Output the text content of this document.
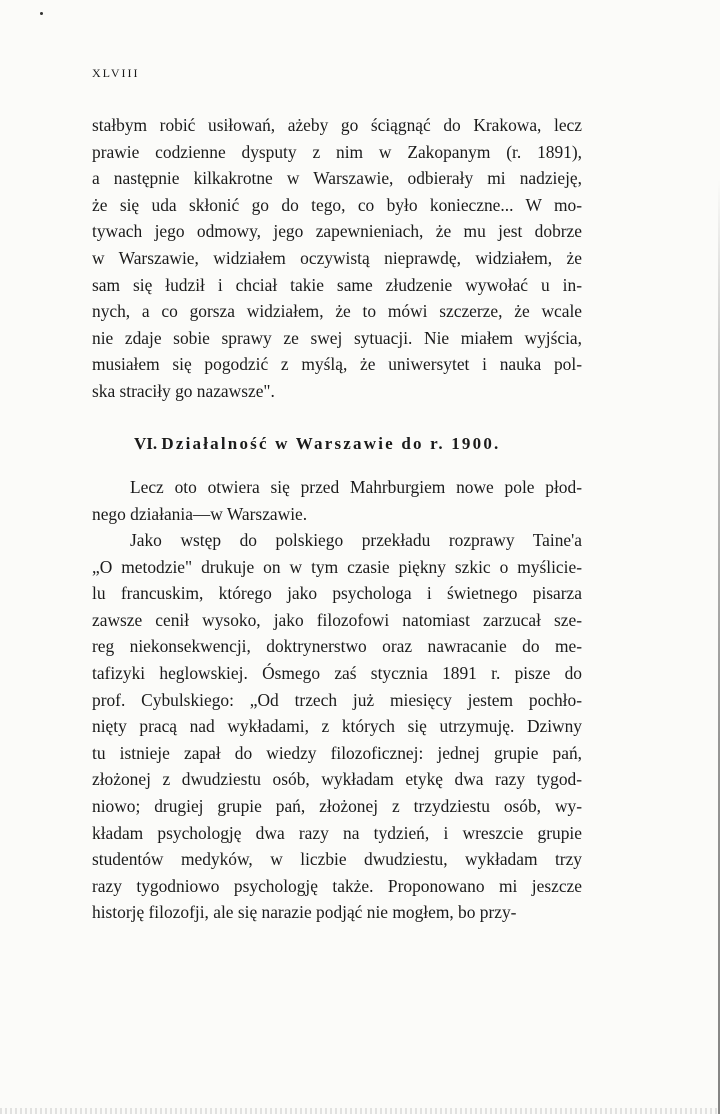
XLVIII
stałbym robić usiłowań, ażeby go ściągnąć do Krakowa, lecz
prawie codzienne dysputy z nim w Zakopanym (r. 1891),
a następnie kilkakrotne w Warszawie, odbierały mi nadzieję,
że się uda skłonić go do tego, co było konieczne... W mo-
tywach jego odmowy, jego zapewnieniach, że mu jest dobrze
w Warszawie, widziałem oczywistą nieprawdę, widziałem, że
sam się łudził i chciał takie same złudzenie wywołać u in-
nych, a co gorsza widziałem, że to mówi szczerze, że wcale
nie zdaje sobie sprawy ze swej sytuacji. Nie miałem wyjścia,
musiałem się pogodzić z myślą, że uniwersytet i nauka pol-
ska straciły go nazawsze".
VI. Działalność w Warszawie do r. 1900.
Lecz oto otwiera się przed Mahrburgiem nowe pole płod-
nego działania—w Warszawie.
Jako wstęp do polskiego przekładu rozprawy Taine'a
„O metodzie" drukuje on w tym czasie piękny szkic o myślicie-
lu francuskim, którego jako psychologa i świetnego pisarza
zawsze cenił wysoko, jako filozofowi natomiast zarzucał sze-
reg niekonsekwencji, doktrynerstwo oraz nawracanie do me-
tafizyki heglowskiej. Ósmego zaś stycznia 1891 r. pisze do
prof. Cybulskiego: „Od trzech już miesięcy jestem pochło-
nięty pracą nad wykładami, z których się utrzymuję. Dziwny
tu istnieje zapał do wiedzy filozoficznej: jednej grupie pań,
złożonej z dwudziestu osób, wykładam etykę dwa razy tygod-
niowo; drugiej grupie pań, złożonej z trzydziestu osób, wy-
kładam psychologję dwa razy na tydzień, i wreszcie grupie
studentów medyków, w liczbie dwudziestu, wykładam trzy
razy tygodniowo psychologję także. Proponowano mi jeszcze
historję filozofji, ale się narazie podjąć nie mogłem, bo przy-
